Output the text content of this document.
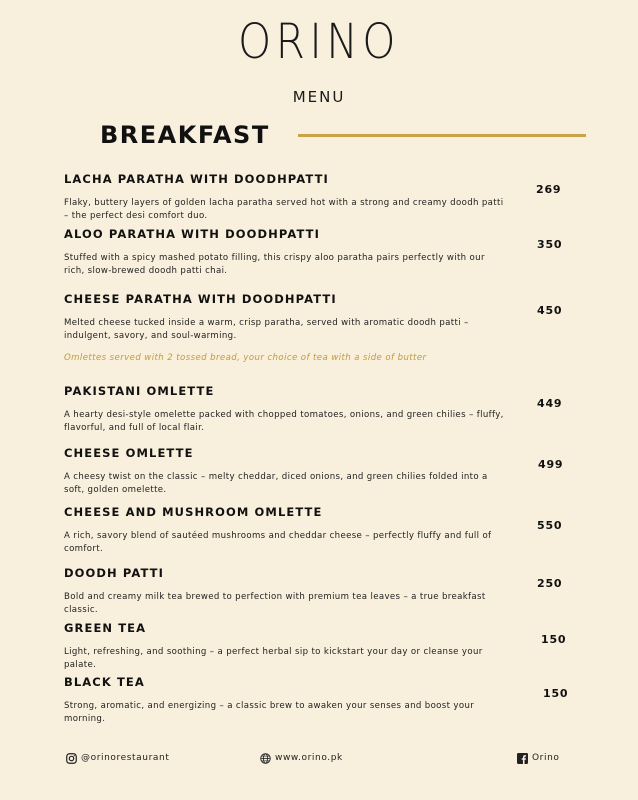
ORINO
MENU
BREAKFAST
LACHA PARATHA WITH DOODHPATTI
Flaky, buttery layers of golden lacha paratha served hot with a strong and creamy doodh patti – the perfect desi comfort duo.
269
ALOO PARATHA WITH DOODHPATTI
Stuffed with a spicy mashed potato filling, this crispy aloo paratha pairs perfectly with our rich, slow-brewed doodh patti chai.
350
CHEESE PARATHA WITH DOODHPATTI
Melted cheese tucked inside a warm, crisp paratha, served with aromatic doodh patti – indulgent, savory, and soul-warming.
450
Omlettes served with 2 tossed bread, your choice of tea with a side of butter
PAKISTANI OMLETTE
A hearty desi-style omelette packed with chopped tomatoes, onions, and green chilies – fluffy, flavorful, and full of local flair.
449
CHEESE OMLETTE
A cheesy twist on the classic – melty cheddar, diced onions, and green chilies folded into a soft, golden omelette.
499
CHEESE AND MUSHROOM OMLETTE
A rich, savory blend of sautéed mushrooms and cheddar cheese – perfectly fluffy and full of comfort.
550
DOODH PATTI
Bold and creamy milk tea brewed to perfection with premium tea leaves – a true breakfast classic.
250
GREEN TEA
Light, refreshing, and soothing – a perfect herbal sip to kickstart your day or cleanse your palate.
150
BLACK TEA
Strong, aromatic, and energizing – a classic brew to awaken your senses and boost your morning.
150
@orinorestaurant	www.orino.pk	Orino
